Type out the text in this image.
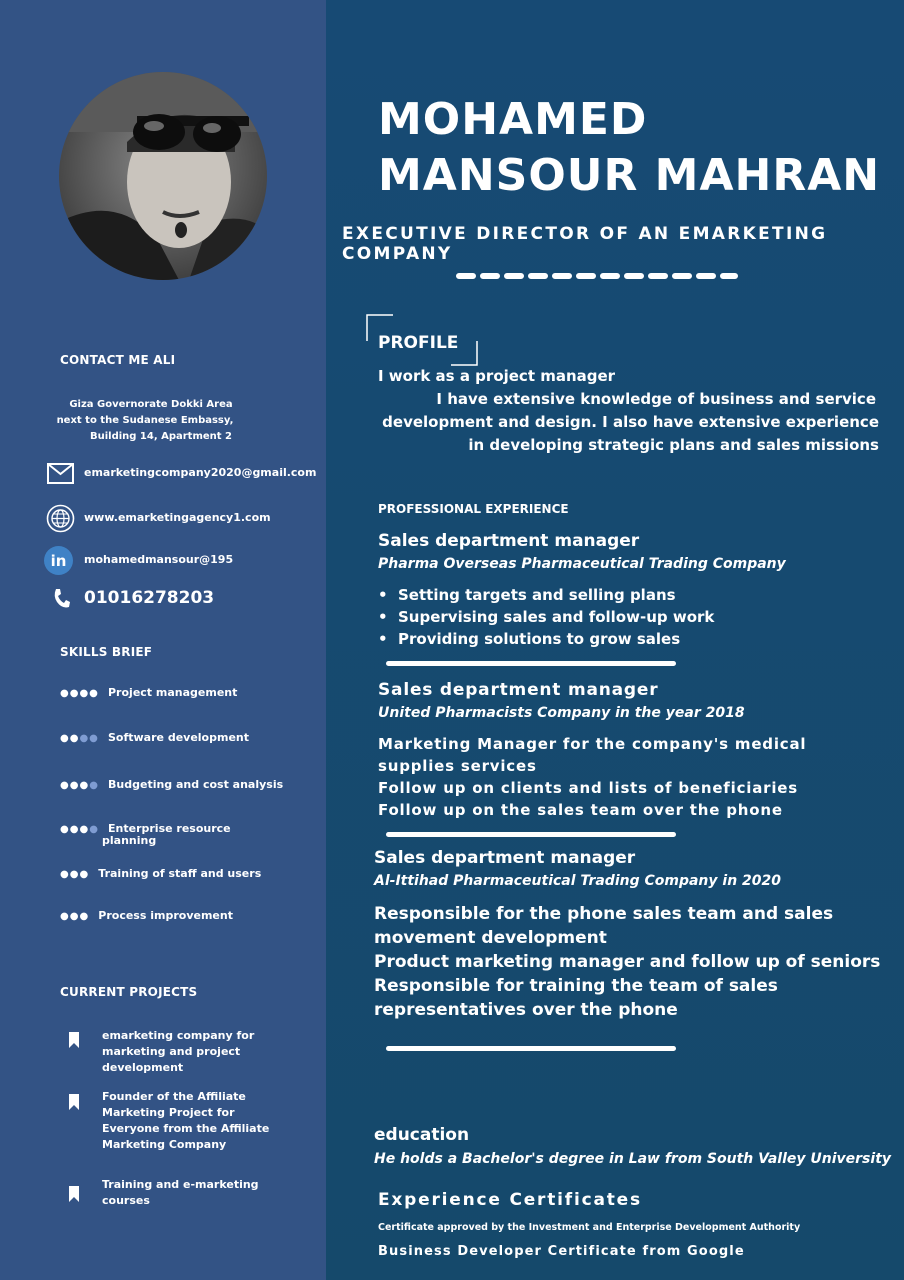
CONTACT ME ALI
Giza Governorate Dokki Area
next to the Sudanese Embassy,
Building 14, Apartment 2
emarketingcompany2020@gmail.com
www.emarketingagency1.com
in mohamedmansour@195
01016278203
SKILLS BRIEF
●●●● Project management
●●●● Software development
●●●● Budgeting and cost analysis
●●●● Enterprise resource
planning
●●● Training of staff and users
●●● Process improvement
CURRENT PROJECTS
emarketing company for
marketing and project
development
Founder of the Affiliate
Marketing Project for
Everyone from the Affiliate
Marketing Company
Training and e-marketing
courses
MOHAMED
MANSOUR MAHRAN
EXECUTIVE DIRECTOR OF AN EMARKETING COMPANY
PROFILE
I work as a project manager
I have extensive knowledge of business and service
development and design. I also have extensive experience
in developing strategic plans and sales missions
PROFESSIONAL EXPERIENCE
Sales department manager
Pharma Overseas Pharmaceutical Trading Company
• Setting targets and selling plans
• Supervising sales and follow-up work
• Providing solutions to grow sales
Sales department manager
United Pharmacists Company in the year 2018
Marketing Manager for the company's medical
supplies services
Follow up on clients and lists of beneficiaries
Follow up on the sales team over the phone
Sales department manager
Al-Ittihad Pharmaceutical Trading Company in 2020
Responsible for the phone sales team and sales
movement development
Product marketing manager and follow up of seniors
Responsible for training the team of sales
representatives over the phone
education
He holds a Bachelor's degree in Law from South Valley University
Experience Certificates
Certificate approved by the Investment and Enterprise Development Authority
Business Developer Certificate from Google
